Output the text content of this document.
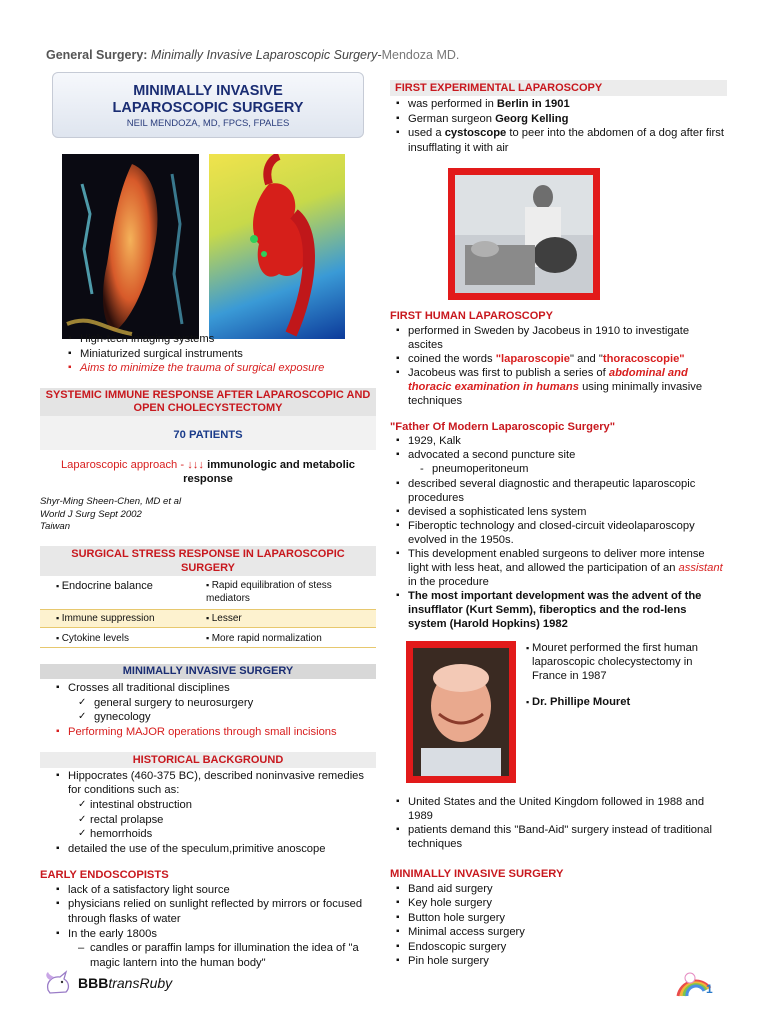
General Surgery: Minimally Invasive Laparoscopic Surgery-Mendoza MD.
MINIMALLY INVASIVE
LAPAROSCOPIC SURGERY
NEIL MENDOZA, MD, FPCS, FPALES
▪ High-tech imaging systems
▪ Miniaturized surgical instruments
▪ Aims to minimize the trauma of surgical exposure
SYSTEMIC IMMUNE RESPONSE AFTER LAPAROSCOPIC AND
OPEN CHOLECYSTECTOMY
70 PATIENTS
Laparoscopic approach - ↓↓↓ immunologic and metabolic
response
Shyr-Ming Sheen-Chen, MD et al
World J Surg Sept 2002
Taiwan
SURGICAL STRESS RESPONSE IN LAPAROSCOPIC SURGERY
▪ Endocrine balance	▪ Rapid equilibration of stess mediators
▪ Immune suppression	▪ Lesser
▪ Cytokine levels	▪ More rapid normalization
MINIMALLY INVASIVE SURGERY
▪ Crosses all traditional disciplines
✓ general surgery to neurosurgery
✓ gynecology
▪ Performing MAJOR operations through small incisions
HISTORICAL BACKGROUND
▪ Hippocrates (460-375 BC), described noninvasive remedies for conditions such as:
✓ intestinal obstruction
✓ rectal prolapse
✓ hemorrhoids
▪ detailed the use of the speculum,primitive anoscope
EARLY ENDOSCOPISTS
▪ lack of a satisfactory light source
▪ physicians relied on sunlight reflected by mirrors or focused through flasks of water
▪ In the early 1800s
– candles or paraffin lamps for illumination the idea of "a magic lantern into the human body"
BBBtransRuby	1
FIRST EXPERIMENTAL LAPAROSCOPY
▪ was performed in Berlin in 1901
▪ German surgeon Georg Kelling
▪ used a cystoscope to peer into the abdomen of a dog after first insufflating it with air
FIRST HUMAN LAPAROSCOPY
▪ performed in Sweden by Jacobeus in 1910 to investigate ascites
▪ coined the words "laparoscopie" and "thoracoscopie"
▪ Jacobeus was first to publish a series of abdominal and thoracic examination in humans using minimally invasive techniques
"Father Of Modern Laparoscopic Surgery"
▪ 1929, Kalk
▪ advocated a second puncture site
- pneumoperitoneum
▪ described several diagnostic and therapeutic laparoscopic procedures
▪ devised a sophisticated lens system
▪ Fiberoptic technology and closed-circuit videolaparoscopy evolved in the 1950s.
▪ This development enabled surgeons to deliver more intense light with less heat, and allowed the participation of an assistant in the procedure
▪ The most important development was the advent of the insufflator (Kurt Semm), fiberoptics and the rod-lens system (Harold Hopkins) 1982
▪ Mouret performed the first human laparoscopic cholecystectomy in France in 1987
▪ Dr. Phillipe Mouret
▪ United States and the United Kingdom followed in 1988 and 1989
▪ patients demand this "Band-Aid" surgery instead of traditional techniques
MINIMALLY INVASIVE SURGERY
▪ Band aid surgery
▪ Key hole surgery
▪ Button hole surgery
▪ Minimal access surgery
▪ Endoscopic surgery
▪ Pin hole surgery
